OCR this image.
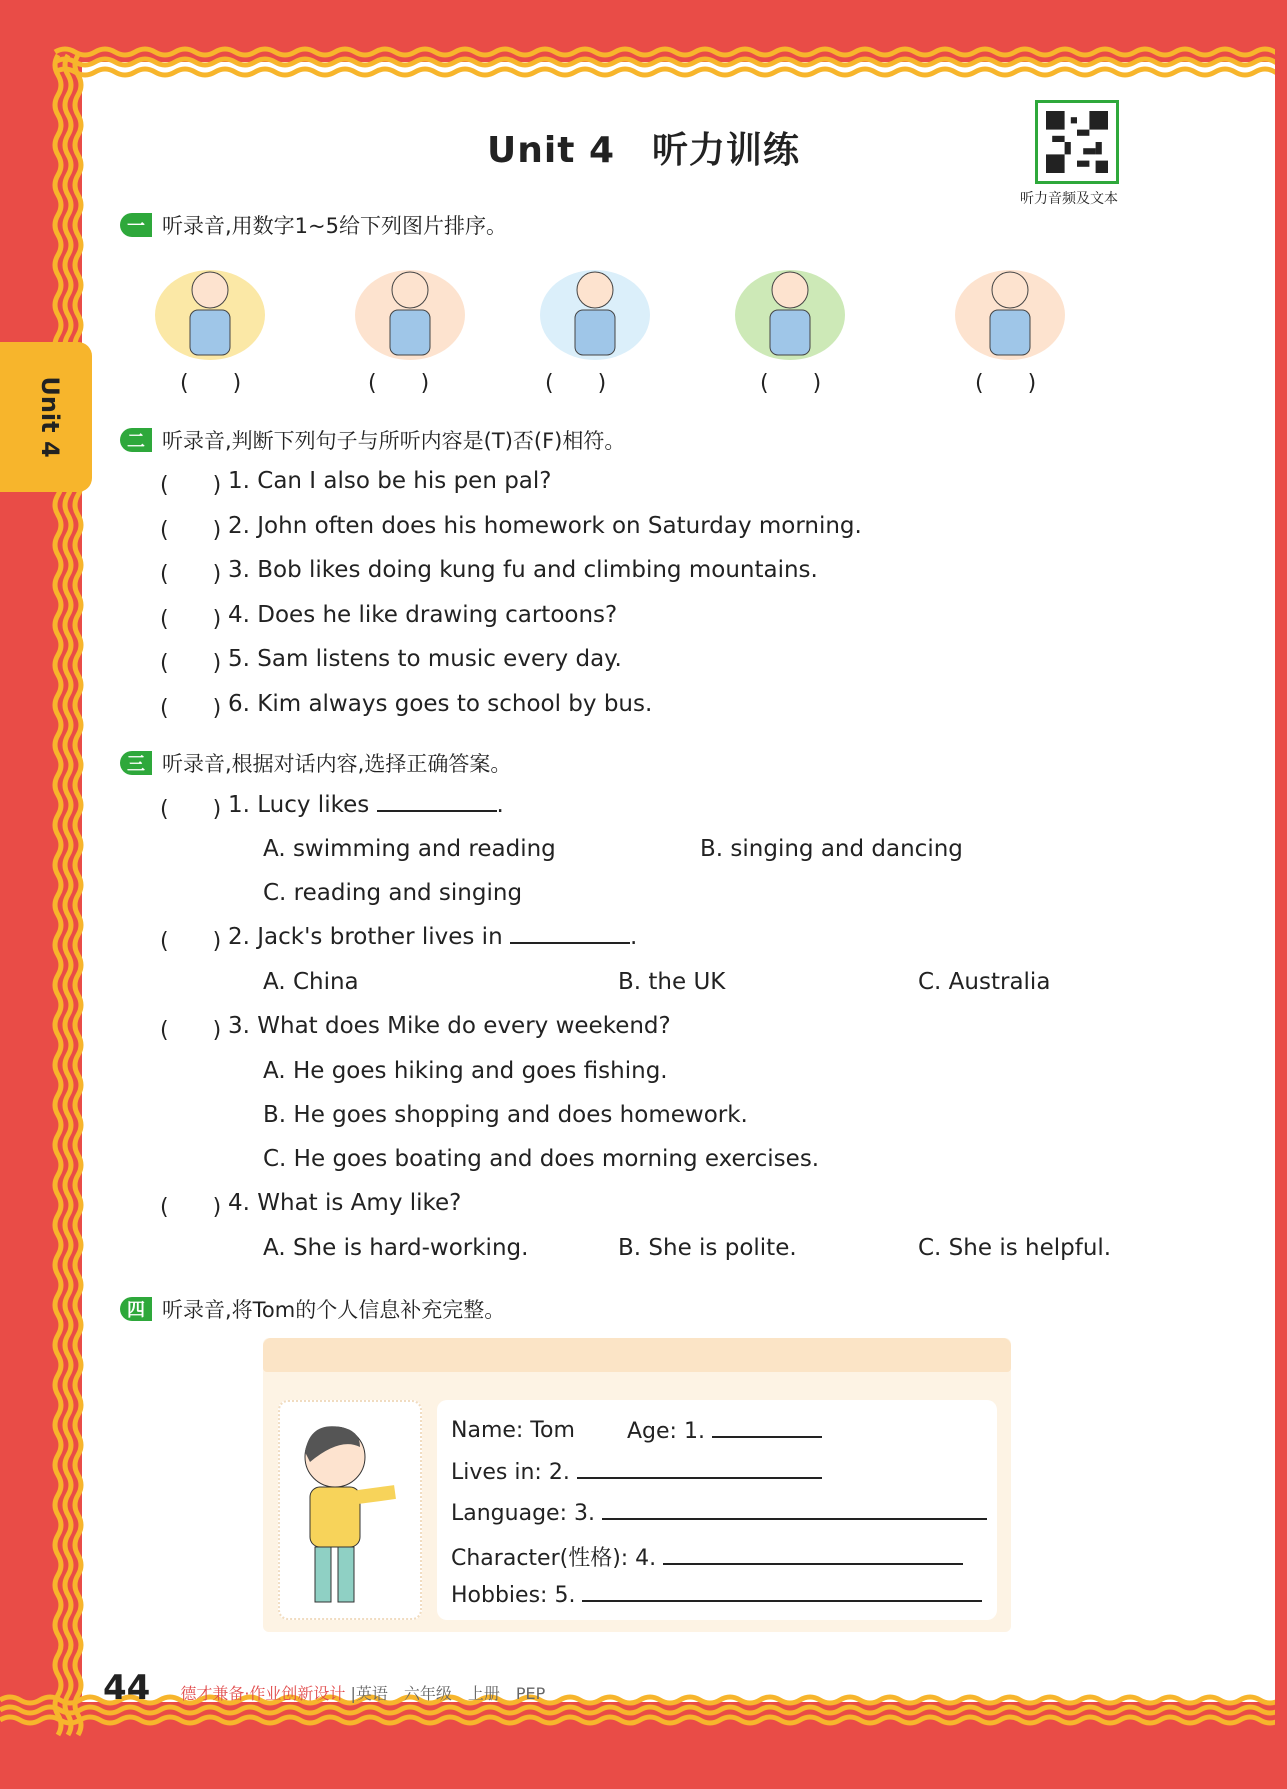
Unit 4
Unit 4　听力训练
听力音频及文本
一 听录音,用数字1~5给下列图片排序。
(　　)	(　　)	(　　)	(　　)	(　　)
二 听录音,判断下列句子与所听内容是(T)否(F)相符。
(　　) 1. Can I also be his pen pal?
(　　) 2. John often does his homework on Saturday morning.
(　　) 3. Bob likes doing kung fu and climbing mountains.
(　　) 4. Does he like drawing cartoons?
(　　) 5. Sam listens to music every day.
(　　) 6. Kim always goes to school by bus.
三 听录音,根据对话内容,选择正确答案。
(　　) 1. Lucy likes	.
A. swimming and reading	B. singing and dancing
C. reading and singing
(　　) 2. Jack's brother lives in	.
A. China	B. the UK	C. Australia
(　　) 3. What does Mike do every weekend?
A. He goes hiking and goes fishing.
B. He goes shopping and does homework.
C. He goes boating and does morning exercises.
(　　) 4. What is Amy like?
A. She is hard-working.	B. She is polite.	C. She is helpful.
四 听录音,将Tom的个人信息补充完整。
Name: Tom Age: 1.
Lives in: 2.
Language: 3.
Character(性格): 4.
Hobbies: 5.
44 德才兼备·作业创新设计 |英语　六年级　上册　PEP
